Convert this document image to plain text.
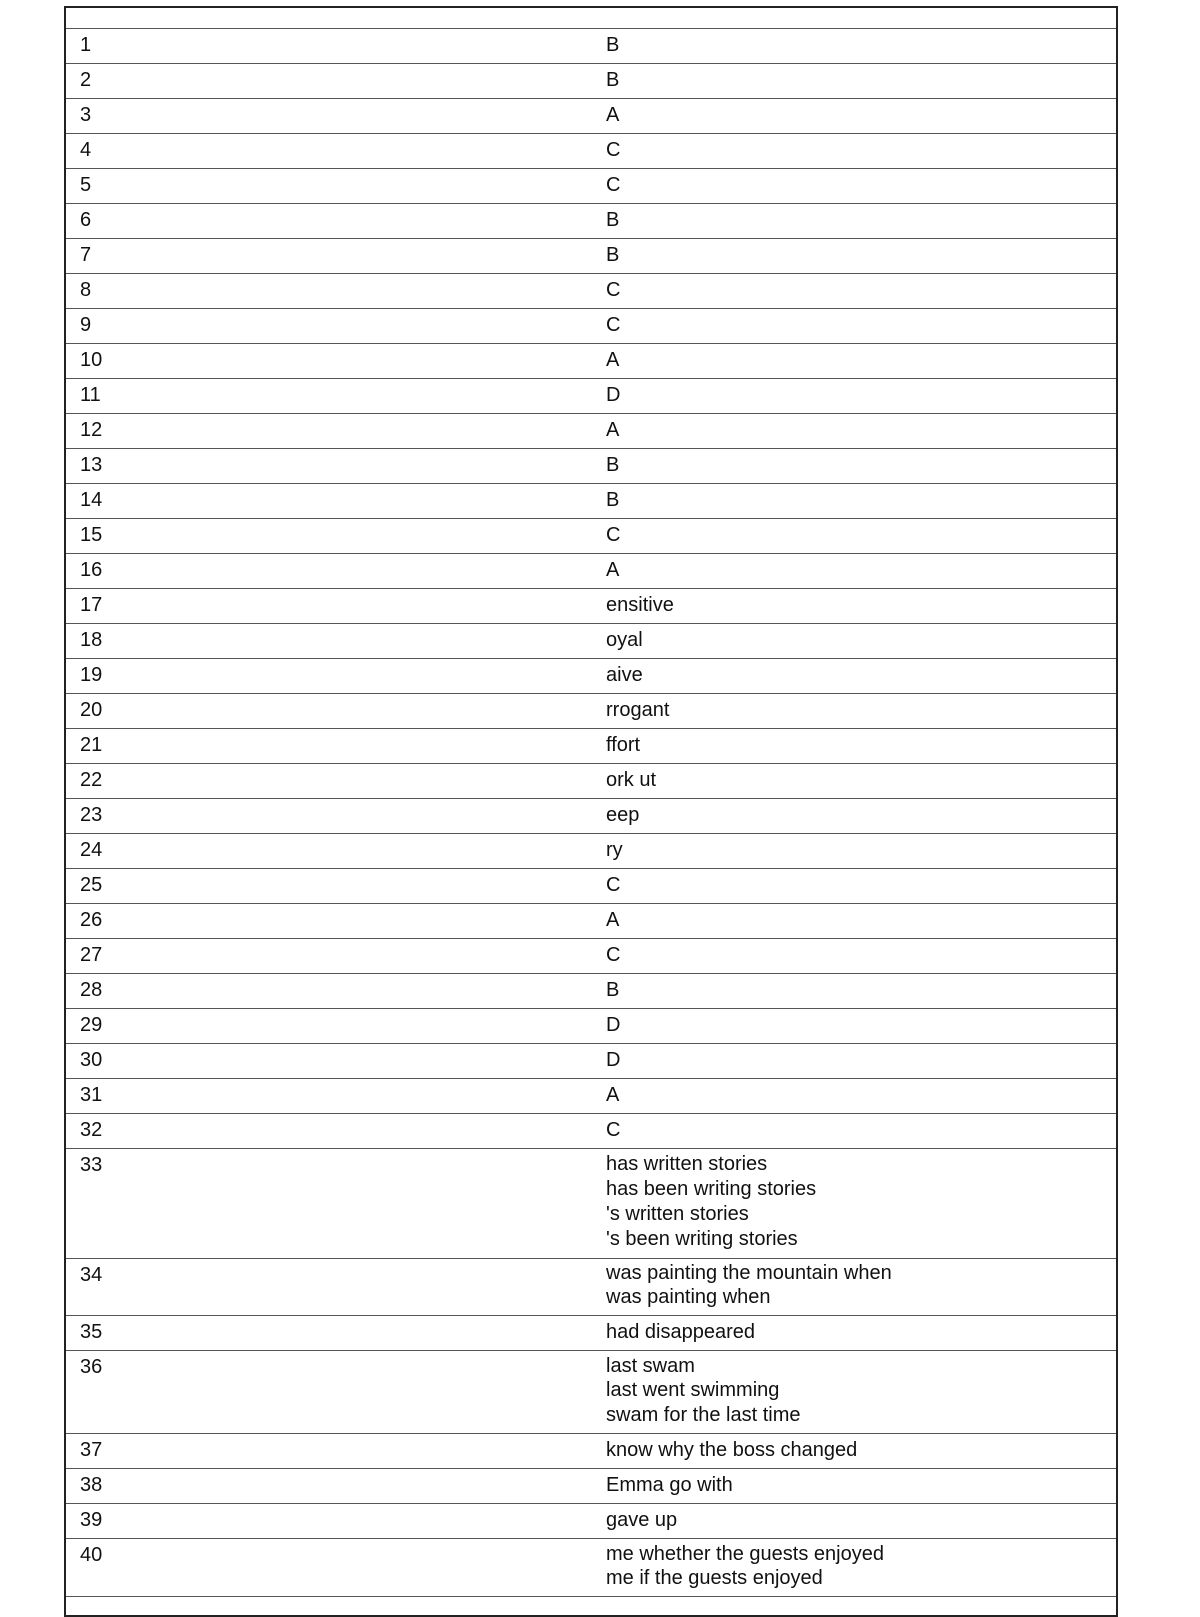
1	B

2	B

3	A

4	C

5	C

6	B

7	B

8	C

9	C

10	A

11	D

12	A

13	B

14	B

15	C

16	A

17	ensitive

18	oyal

19	aive

20	rrogant

21	ffort

22	ork ut

23	eep

24	ry

25	C

26	A

27	C

28	B

29	D

30	D

31	A

32	C

33	has written stories
has been writing stories
's written stories
's been writing stories

34	was painting the mountain when
was painting when

35	had disappeared

36	last swam
last went swimming
swam for the last time

37	know why the boss changed

38	Emma go with

39	gave up

40	me whether the guests enjoyed
me if the guests enjoyed
